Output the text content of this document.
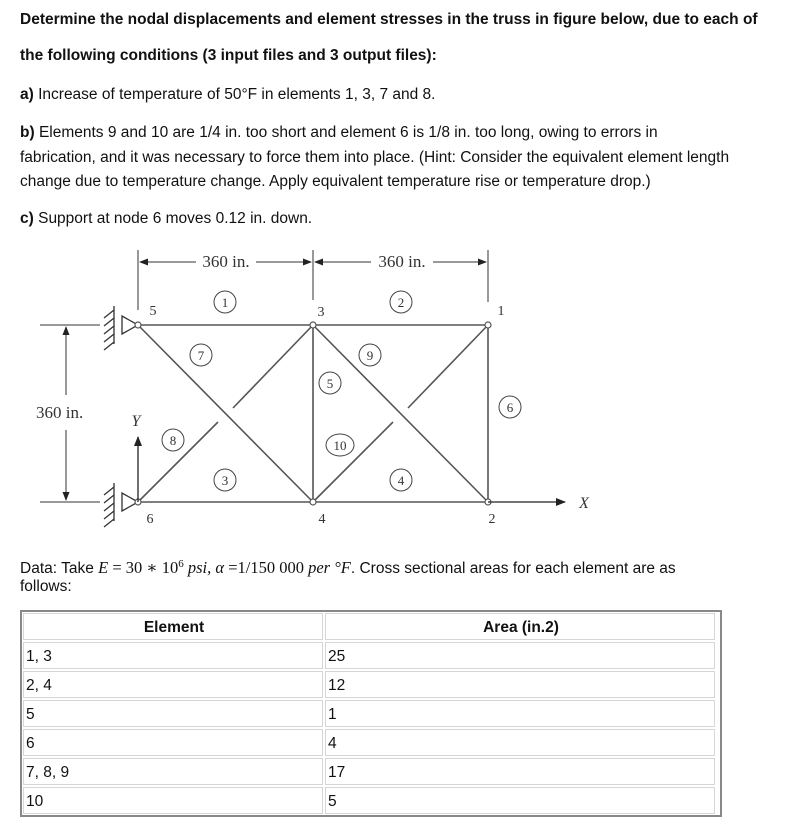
Determine the nodal displacements and element stresses in the truss in figure below, due to each of
the following conditions (3 input files and 3 output files):
a) Increase of temperature of 50°F in elements 1, 3, 7 and 8.
b) Elements 9 and 10 are 1/4 in. too short and element 6 is 1/8 in. too long, owing to errors in
fabrication, and it was necessary to force them into place. (Hint: Consider the equivalent element length
change due to temperature change. Apply equivalent temperature rise or temperature drop.)
c) Support at node 6 moves 0.12 in. down.
360 in.	360 in.
360 in.
1	2
3	4
5
6
7
8
9
10
1
2
3
4
5
6
Y
X
Data: Take E = 30 ∗ $10^6$ psi, α =1/150 000 per °F. Cross sectional areas for each element are as
follows:
Element	Area (in.2)
1, 3	25
2, 4	12
5	1
6	4
7, 8, 9	17
10	5
